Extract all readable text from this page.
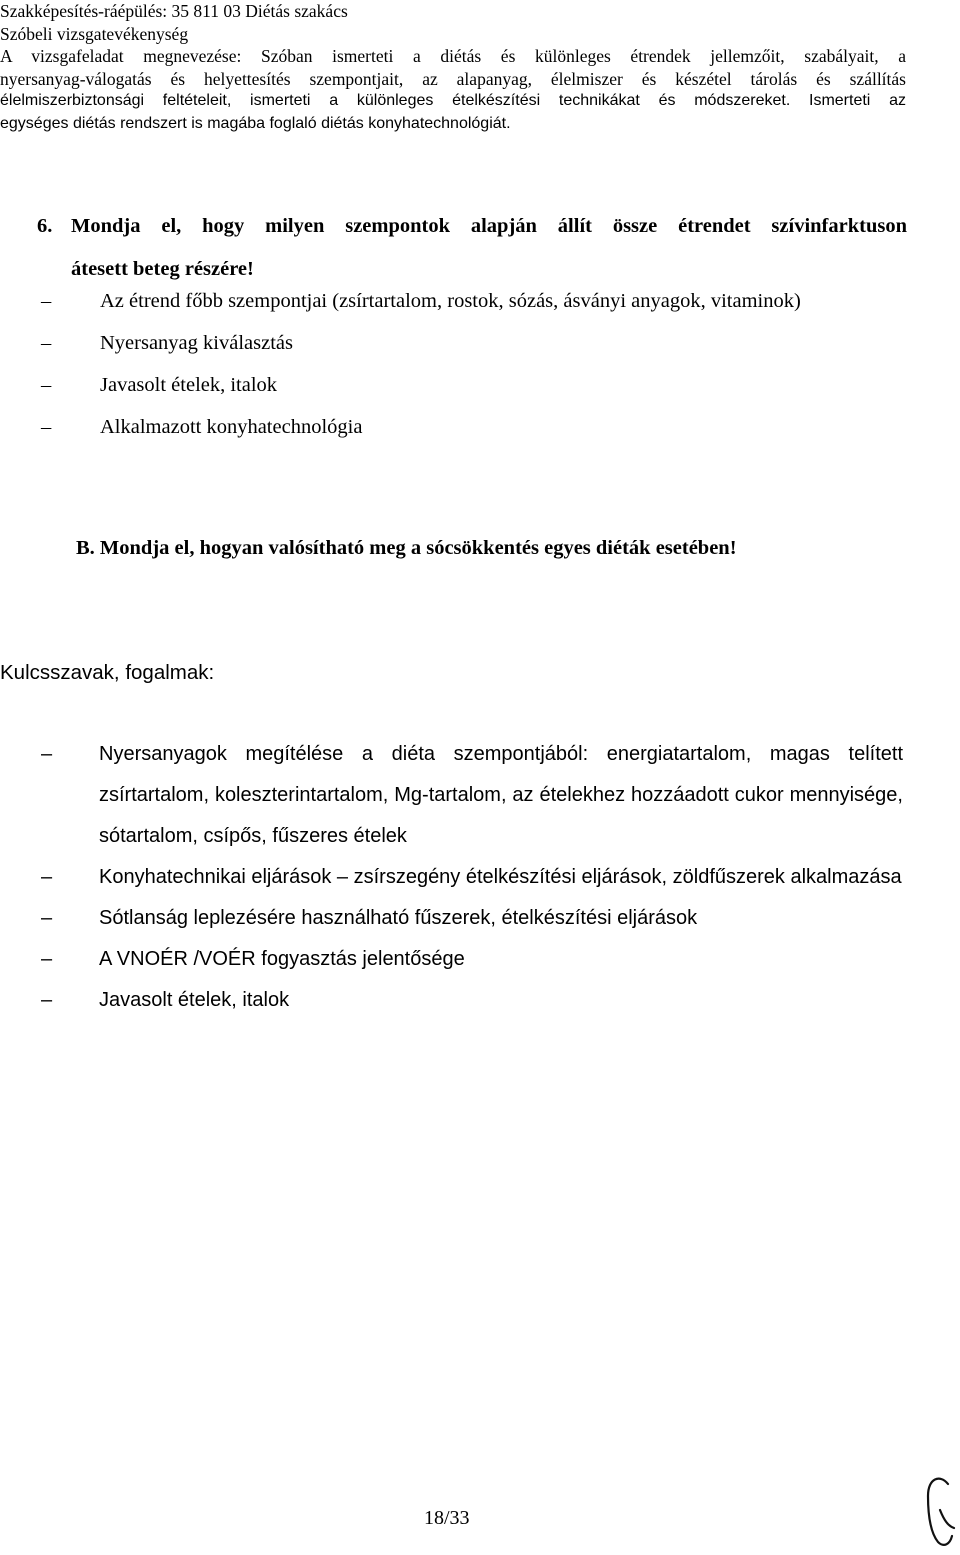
Szakképesítés-ráépülés: 35 811 03 Diétás szakács
Szóbeli vizsgatevékenység
A vizsgafeladat megnevezése: Szóban ismerteti a diétás és különleges étrendek jellemzőit, szabályait, a
nyersanyag-válogatás és helyettesítés szempontjait, az alapanyag, élelmiszer és készétel tárolás és szállítás
élelmiszerbiztonsági feltételeit, ismerteti a különleges ételkészítési technikákat és módszereket. Ismerteti az
egységes diétás rendszert is magába foglaló diétás konyhatechnológiát.
6. Mondja el, hogy milyen szempontok alapján állít össze étrendet szívinfarktuson
átesett beteg részére!
– Az étrend főbb szempontjai (zsírtartalom, rostok, sózás, ásványi anyagok, vitaminok)
– Nyersanyag kiválasztás
– Javasolt ételek, italok
– Alkalmazott konyhatechnológia
B. Mondja el, hogyan valósítható meg a sócsökkentés egyes diéták esetében!
Kulcsszavak, fogalmak:
– Nyersanyagok megítélése a diéta szempontjából: energiatartalom, magas telített zsírtartalom, koleszterintartalom, Mg-tartalom, az ételekhez hozzáadott cukor mennyisége, sótartalom, csípős, fűszeres ételek
– Konyhatechnikai eljárások – zsírszegény ételkészítési eljárások, zöldfűszerek alkalmazása
– Sótlanság leplezésére használható fűszerek, ételkészítési eljárások
– A VNOÉR /VOÉR fogyasztás jelentősége
– Javasolt ételek, italok
18/33
